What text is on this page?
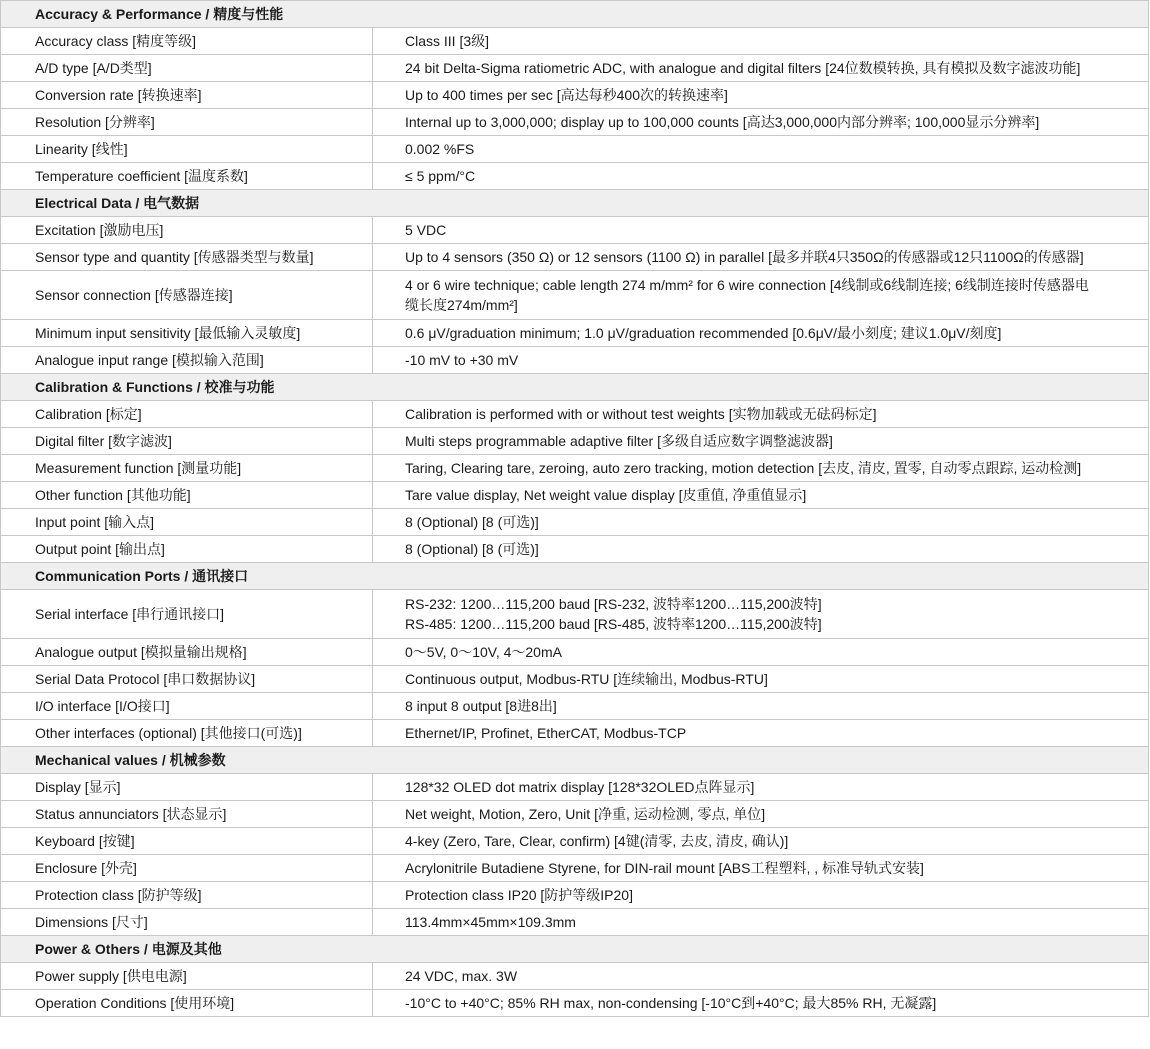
Accuracy & Performance / 精度与性能	
Accuracy class [精度等级]	Class III [3级]

A/D type [A/D类型]	24 bit Delta-Sigma ratiometric ADC, with analogue and digital filters [24位数模转换, 具有模拟及数字滤波功能]

Conversion rate [转换速率]	Up to 400 times per sec [高达每秒400次的转换速率]

Resolution [分辨率]	Internal up to 3,000,000; display up to 100,000 counts [高达3,000,000内部分辨率; 100,000显示分辨率]

Linearity [线性]	0.002 %FS

Temperature coefficient [温度系数]	≤ 5 ppm/°C

Electrical Data / 电气数据	
Excitation [激励电压]	5 VDC

Sensor type and quantity [传感器类型与数量]	Up to 4 sensors (350 Ω) or 12 sensors (1100 Ω) in parallel [最多并联4只350Ω的传感器或12只1100Ω的传感器]

Sensor connection [传感器连接]	4 or 6 wire technique; cable length 274 m/mm² for 6 wire connection [4线制或6线制连接; 6线制连接时传感器电
缆长度274m/mm²]

Minimum input sensitivity [最低输入灵敏度]	0.6 μV/graduation minimum; 1.0 μV/graduation recommended [0.6μV/最小刻度; 建议1.0μV/刻度]

Analogue input range [模拟输入范围]	-10 mV to +30 mV

Calibration & Functions / 校准与功能	
Calibration [标定]	Calibration is performed with or without test weights [实物加载或无砝码标定]

Digital filter [数字滤波]	Multi steps programmable adaptive filter [多级自适应数字调整滤波器]

Measurement function [测量功能]	Taring, Clearing tare, zeroing, auto zero tracking, motion detection [去皮, 清皮, 置零, 自动零点跟踪, 运动检测]

Other function [其他功能]	Tare value display, Net weight value display [皮重值, 净重值显示]

Input point [输入点]	8 (Optional) [8 (可选)]

Output point [输出点]	8 (Optional) [8 (可选)]

Communication Ports / 通讯接口	
Serial interface [串行通讯接口]	RS-232: 1200…115,200 baud [RS-232, 波特率1200…115,200波特]
RS-485: 1200…115,200 baud [RS-485, 波特率1200…115,200波特]

Analogue output [模拟量输出规格]	0～5V, 0～10V, 4～20mA

Serial Data Protocol [串口数据协议]	Continuous output, Modbus-RTU [连续输出, Modbus-RTU]

I/O interface [I/O接口]	8 input 8 output [8进8出]

Other interfaces (optional) [其他接口(可选)]	Ethernet/IP, Profinet, EtherCAT, Modbus-TCP

Mechanical values / 机械参数	
Display [显示]	128*32 OLED dot matrix display [128*32OLED点阵显示]

Status annunciators [状态显示]	Net weight, Motion, Zero, Unit [净重, 运动检测, 零点, 单位]

Keyboard [按键]	4-key (Zero, Tare, Clear, confirm) [4键(清零, 去皮, 清皮, 确认)]

Enclosure [外壳]	Acrylonitrile Butadiene Styrene, for DIN-rail mount [ABS工程塑料, , 标准导轨式安装]

Protection class [防护等级]	Protection class IP20 [防护等级IP20]

Dimensions [尺寸]	113.4mm×45mm×109.3mm

Power & Others / 电源及其他	
Power supply [供电电源]	24 VDC, max. 3W

Operation Conditions [使用环境]	-10°C to +40°C; 85% RH max, non-condensing [-10°C到+40°C; 最大85% RH, 无凝露]
